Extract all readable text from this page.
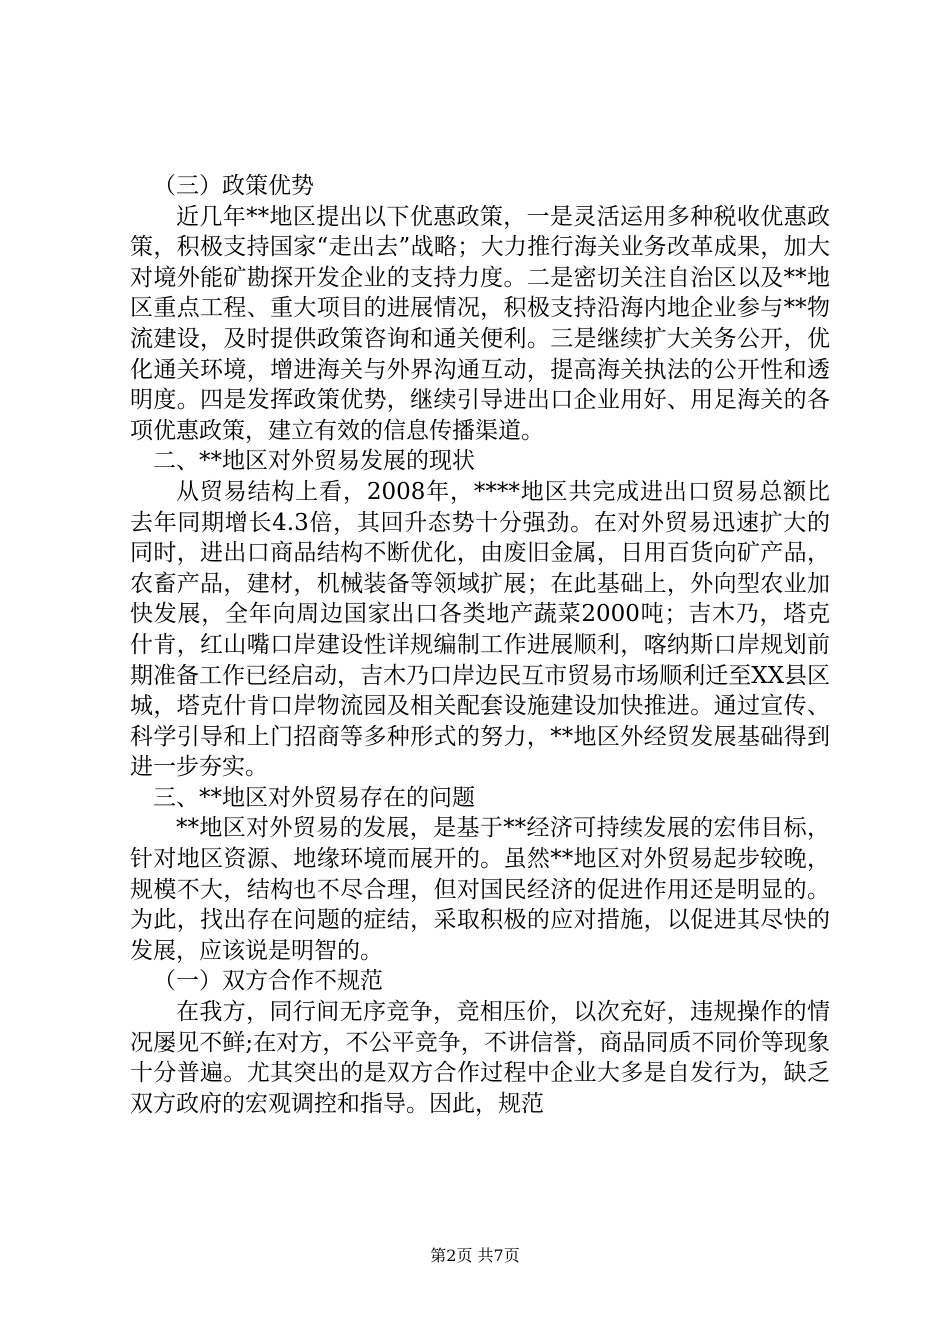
（三）政策优势

近几年**地区提出以下优惠政策，一是灵活运用多种税收优惠政策，积极支持国家“走出去”战略；大力推行海关业务改革成果，加大对境外能矿勘探开发企业的支持力度。二是密切关注自治区以及**地区重点工程、重大项目的进展情况，积极支持沿海内地企业参与**物流建设，及时提供政策咨询和通关便利。三是继续扩大关务公开，优化通关环境，增进海关与外界沟通互动，提高海关执法的公开性和透明度。四是发挥政策优势，继续引导进出口企业用好、用足海关的各项优惠政策，建立有效的信息传播渠道。

二、**地区对外贸易发展的现状

从贸易结构上看，2008年，****地区共完成进出口贸易总额比去年同期增长4.3倍，其回升态势十分强劲。在对外贸易迅速扩大的同时，进出口商品结构不断优化，由废旧金属，日用百货向矿产品，农畜产品，建材，机械装备等领域扩展；在此基础上，外向型农业加快发展，全年向周边国家出口各类地产蔬菜2000吨；吉木乃，塔克什肯，红山嘴口岸建设性详规编制工作进展顺利，喀纳斯口岸规划前期准备工作已经启动，吉木乃口岸边民互市贸易市场顺利迁至XX县区城，塔克什肯口岸物流园及相关配套设施建设加快推进。通过宣传、科学引导和上门招商等多种形式的努力，**地区外经贸发展基础得到进一步夯实。

三、**地区对外贸易存在的问题

**地区对外贸易的发展，是基于**经济可持续发展的宏伟目标，针对地区资源、地缘环境而展开的。虽然**地区对外贸易起步较晚，规模不大，结构也不尽合理，但对国民经济的促进作用还是明显的。为此，找出存在问题的症结，采取积极的应对措施，以促进其尽快的发展，应该说是明智的。

（一）双方合作不规范

在我方，同行间无序竞争，竞相压价，以次充好，违规操作的情况屡见不鲜;在对方，不公平竞争，不讲信誉，商品同质不同价等现象十分普遍。尤其突出的是双方合作过程中企业大多是自发行为，缺乏双方政府的宏观调控和指导。因此，规范

第2页 共7页
